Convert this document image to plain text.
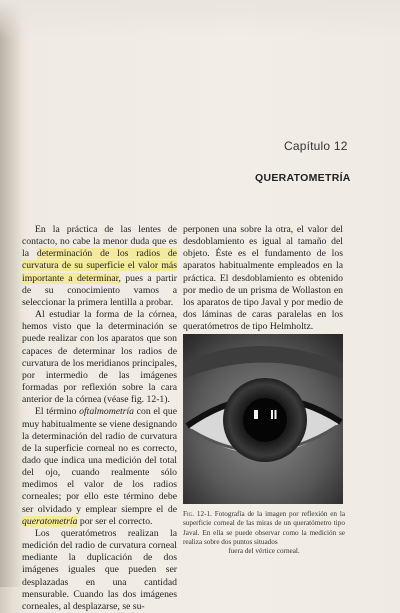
Capítulo 12
QUERATOMETRÍA

En la práctica de las lentes de contacto, no cabe la menor duda que es la determinación de los radios de curvatura de su superficie el valor más importante a determinar, pues a partir de su conocimiento vamos a seleccionar la primera lentilla a probar.

Al estudiar la forma de la córnea, hemos visto que la determinación se puede realizar con los aparatos que son capaces de determinar los radios de curvatura de los meridianos principales, por intermedio de las imágenes formadas por reflexión sobre la cara anterior de la córnea (véase fig. 12-1).

El término oftalmometría con el que muy habitualmente se viene designando la determinación del radio de curvatura de la superficie corneal no es correcto, dado que indica una medición del total del ojo, cuando realmente sólo medimos el valor de los radios corneales; por ello este término debe ser olvidado y emplear siempre el de queratometría por ser el correcto.

Los queratómetros realizan la medición del radio de curvatura corneal mediante la duplicación de dos imágenes iguales que pueden ser desplazadas en una cantidad mensurable. Cuando las dos imágenes corneales, al desplazarse, se su-

perponen una sobre la otra, el valor del desdoblamiento es igual al tamaño del objeto. Éste es el fundamento de los aparatos habitualmente empleados en la práctica. El desdoblamiento es obtenido por medio de un prisma de Wollaston en los aparatos de tipo Javal y por medio de dos láminas de caras paralelas en los queratómetros de tipo Helmholtz.

Fig. 12-1. Fotografía de la imagen por reflexión en la superficie corneal de las miras de un queratómetro tipo Javal. En ella se puede observar como la medición se realiza sobre dos puntos situados
fuera del vértice corneal.
